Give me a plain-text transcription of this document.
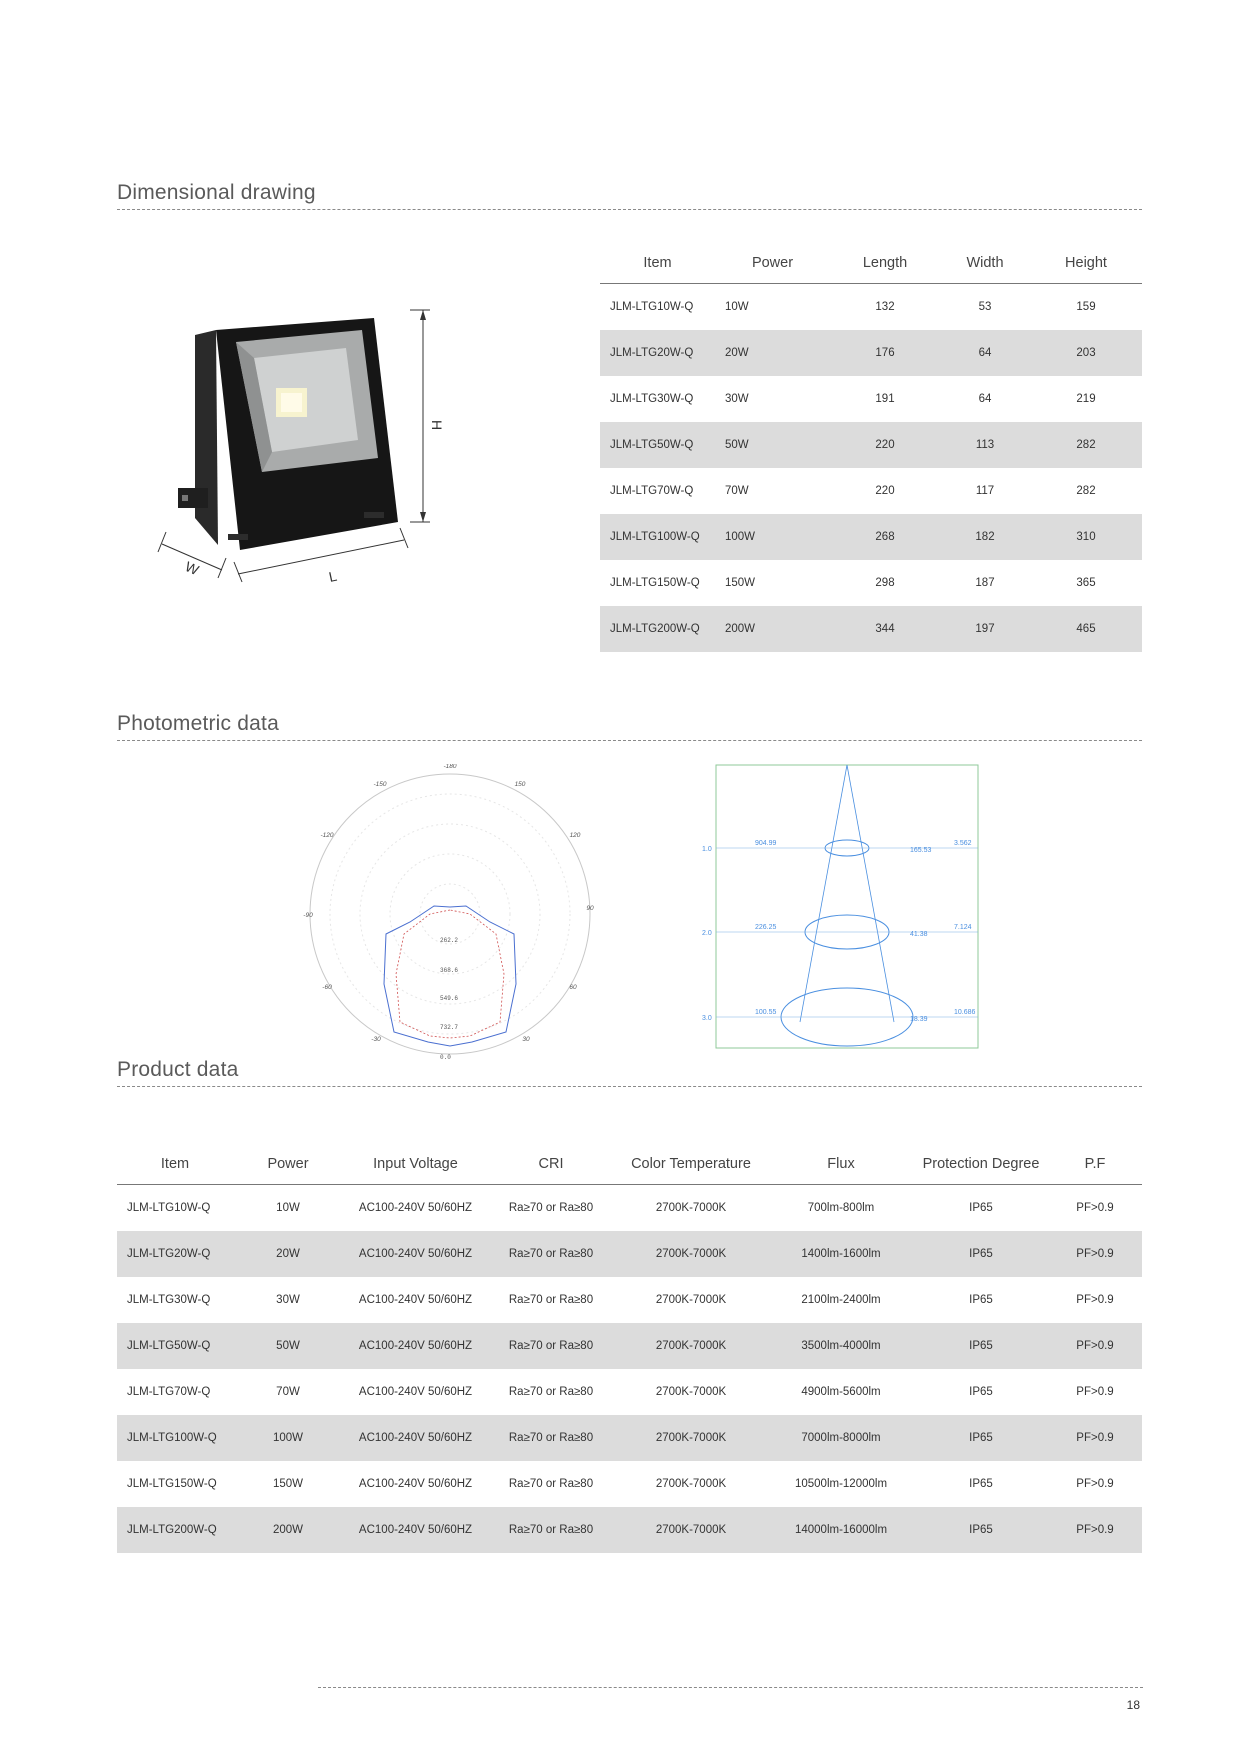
Dimensional drawing
H
W	L
Item	Power	Length	Width	Height
JLM-LTG10W-Q	10W	132	53	159
JLM-LTG20W-Q	20W	176	64	203
JLM-LTG30W-Q	30W	191	64	219
JLM-LTG50W-Q	50W	220	113	282
JLM-LTG70W-Q	70W	220	117	282
JLM-LTG100W-Q	100W	268	182	310
JLM-LTG150W-Q	150W	298	187	365
JLM-LTG200W-Q	200W	344	197	465
Photometric data
-180
-150	150
-120	120
-90
90
-60	60
-30	30
262.2
368.6
549.6
732.7
0.0
1.0
904.99
165.53
3.562
2.0
226.25
41.38
7.124
3.0
100.55
18.39
10.686
Product data
Item	Power	Input Voltage	CRI	Color Temperature	Flux	Protection Degree	P.F
JLM-LTG10W-Q	10W	AC100-240V 50/60HZ	Ra≥70 or Ra≥80	2700K-7000K	700lm-800lm	IP65	PF>0.9
JLM-LTG20W-Q	20W	AC100-240V 50/60HZ	Ra≥70 or Ra≥80	2700K-7000K	1400lm-1600lm	IP65	PF>0.9
JLM-LTG30W-Q	30W	AC100-240V 50/60HZ	Ra≥70 or Ra≥80	2700K-7000K	2100lm-2400lm	IP65	PF>0.9
JLM-LTG50W-Q	50W	AC100-240V 50/60HZ	Ra≥70 or Ra≥80	2700K-7000K	3500lm-4000lm	IP65	PF>0.9
JLM-LTG70W-Q	70W	AC100-240V 50/60HZ	Ra≥70 or Ra≥80	2700K-7000K	4900lm-5600lm	IP65	PF>0.9
JLM-LTG100W-Q	100W	AC100-240V 50/60HZ	Ra≥70 or Ra≥80	2700K-7000K	7000lm-8000lm	IP65	PF>0.9
JLM-LTG150W-Q	150W	AC100-240V 50/60HZ	Ra≥70 or Ra≥80	2700K-7000K	10500lm-12000lm	IP65	PF>0.9
JLM-LTG200W-Q	200W	AC100-240V 50/60HZ	Ra≥70 or Ra≥80	2700K-7000K	14000lm-16000lm	IP65	PF>0.9
18
